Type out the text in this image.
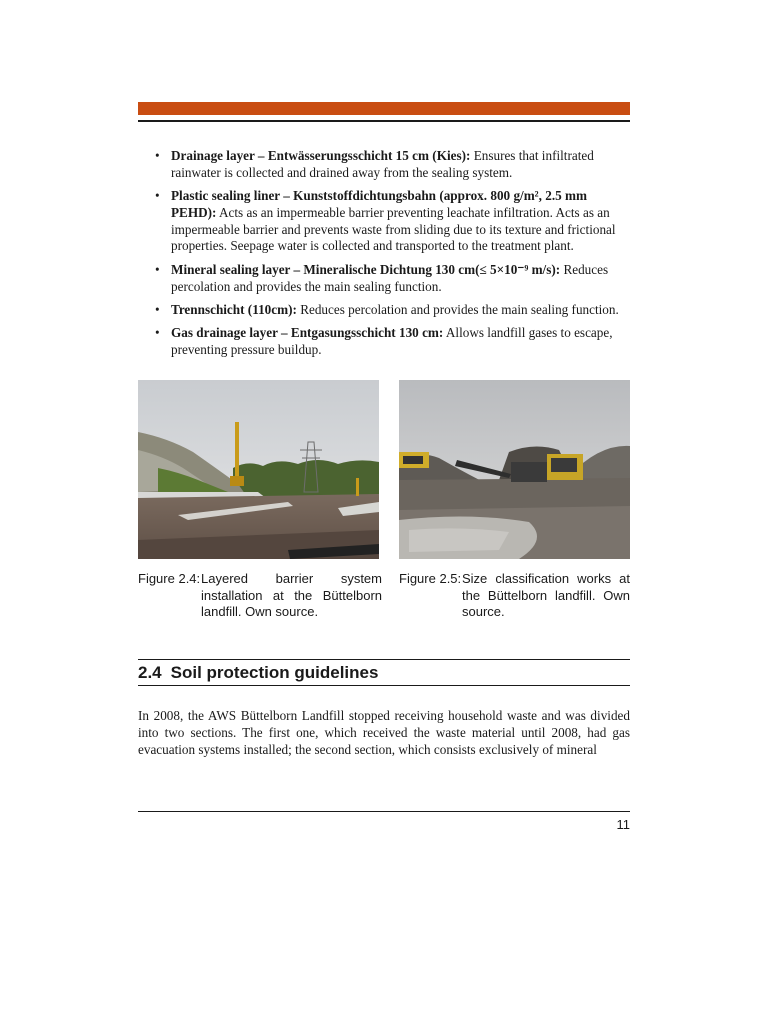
• Drainage layer – Entwässerungsschicht 15 cm (Kies): Ensures that infiltrated rainwater is collected and drained away from the sealing system.
• Plastic sealing liner – Kunststoffdichtungsbahn (approx. 800 g/m², 2.5 mm PEHD): Acts as an impermeable barrier preventing leachate infiltration. Acts as an impermeable barrier and prevents waste from sliding due to its texture and frictional properties. Seepage water is collected and transported to the treatment plant.
• Mineral sealing layer – Mineralische Dichtung 130 cm(≤ 5×10⁻⁹ m/s): Reduces percolation and provides the main sealing function.
• Trennschicht (110cm): Reduces percolation and provides the main sealing function.
• Gas drainage layer – Entgasungsschicht 130 cm: Allows landfill gases to escape, preventing pressure buildup.
Figure 2.4: Layered barrier system installation at the Büttelborn landfill. Own source.
Figure 2.5: Size classification works at the Büttelborn landfill. Own source.
2.4 Soil protection guidelines

In 2008, the AWS Büttelborn Landfill stopped receiving household waste and was divided into two sections. The first one, which received the waste material until 2008, had gas evacuation systems installed; the second section, which consists exclusively of mineral

11
